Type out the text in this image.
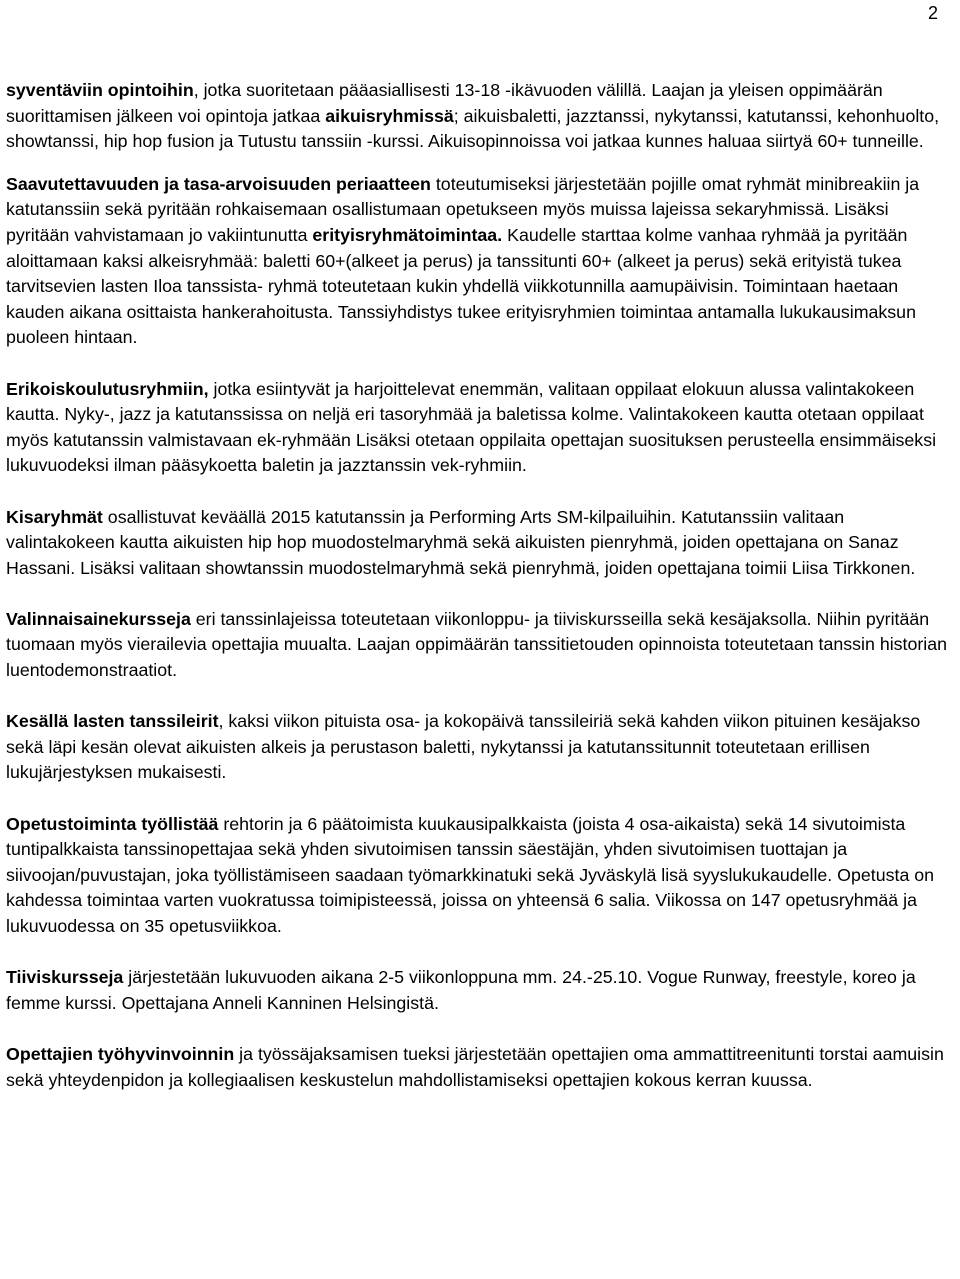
2

syventäviin opintoihin, jotka suoritetaan pääasiallisesti 13-18 -ikävuoden välillä. Laajan ja yleisen oppimäärän suorittamisen jälkeen voi opintoja jatkaa aikuisryhmissä; aikuisbaletti, jazztanssi, nykytanssi, katutanssi, kehonhuolto, showtanssi, hip hop fusion ja Tutustu tanssiin -kurssi. Aikuisopinnoissa voi jatkaa kunnes haluaa siirtyä 60+ tunneille.

Saavutettavuuden ja tasa-arvoisuuden periaatteen toteutumiseksi järjestetään pojille omat ryhmät minibreakiin ja katutanssiin sekä pyritään rohkaisemaan osallistumaan opetukseen myös muissa lajeissa sekaryhmissä. Lisäksi pyritään vahvistamaan jo vakiintunutta erityisryhmätoimintaa. Kaudelle starttaa kolme vanhaa ryhmää ja pyritään aloittamaan kaksi alkeisryhmää: baletti 60+(alkeet ja perus) ja tanssitunti 60+ (alkeet ja perus) sekä erityistä tukea tarvitsevien lasten Iloa tanssista- ryhmä toteutetaan kukin yhdellä viikkotunnilla aamupäivisin. Toimintaan haetaan kauden aikana osittaista hankerahoitusta. Tanssiyhdistys tukee erityisryhmien toimintaa antamalla lukukausimaksun puoleen hintaan.

Erikoiskoulutusryhmiin, jotka esiintyvät ja harjoittelevat enemmän, valitaan oppilaat elokuun alussa valintakokeen kautta. Nyky-, jazz ja katutanssissa on neljä eri tasoryhmää ja baletissa kolme. Valintakokeen kautta otetaan oppilaat myös katutanssin valmistavaan ek-ryhmään Lisäksi otetaan oppilaita opettajan suosituksen perusteella ensimmäiseksi lukuvuodeksi ilman pääsykoetta baletin ja jazztanssin vek-ryhmiin.

Kisaryhmät osallistuvat keväällä 2015 katutanssin ja Performing Arts SM-kilpailuihin. Katutanssiin valitaan valintakokeen kautta aikuisten hip hop muodostelmaryhmä sekä aikuisten pienryhmä, joiden opettajana on Sanaz Hassani. Lisäksi valitaan showtanssin muodostelmaryhmä sekä pienryhmä, joiden opettajana toimii Liisa Tirkkonen.

Valinnaisainekursseja eri tanssinlajeissa toteutetaan viikonloppu- ja tiiviskursseilla sekä kesäjaksolla. Niihin pyritään tuomaan myös vierailevia opettajia muualta. Laajan oppimäärän tanssitietouden opinnoista toteutetaan tanssin historian luentodemonstraatiot.

Kesällä lasten tanssileirit, kaksi viikon pituista osa- ja kokopäivä tanssileiriä sekä kahden viikon pituinen kesäjakso sekä läpi kesän olevat aikuisten alkeis ja perustason baletti, nykytanssi ja katutanssitunnit toteutetaan erillisen lukujärjestyksen mukaisesti.

Opetustoiminta työllistää rehtorin ja 6 päätoimista kuukausipalkkaista (joista 4 osa-aikaista) sekä 14 sivutoimista tuntipalkkaista tanssinopettajaa sekä yhden sivutoimisen tanssin säestäjän, yhden sivutoimisen tuottajan ja siivoojan/puvustajan, joka työllistämiseen saadaan työmarkkinatuki sekä Jyväskylä lisä syyslukukaudelle. Opetusta on kahdessa toimintaa varten vuokratussa toimipisteessä, joissa on yhteensä 6 salia. Viikossa on 147 opetusryhmää ja lukuvuodessa on 35 opetusviikkoa.

Tiiviskursseja järjestetään lukuvuoden aikana 2-5 viikonloppuna mm. 24.-25.10. Vogue Runway, freestyle, koreo ja femme kurssi. Opettajana Anneli Kanninen Helsingistä.

Opettajien työhyvinvoinnin ja työssäjaksamisen tueksi järjestetään opettajien oma ammattitreenitunti torstai aamuisin sekä yhteydenpidon ja kollegiaalisen keskustelun mahdollistamiseksi opettajien kokous kerran kuussa.
